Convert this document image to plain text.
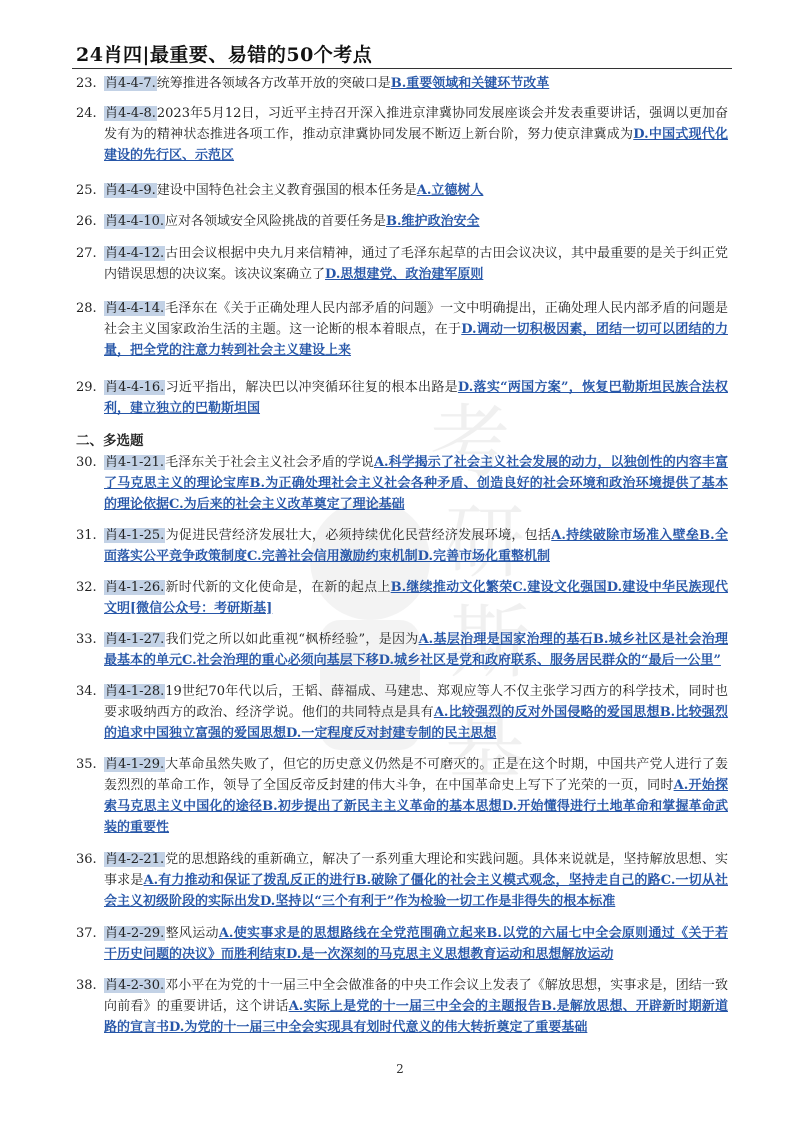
24肖四|最重要、易错的50个考点
考
研
斯
基
23. 肖4-4-7.统筹推进各领域各方改革开放的突破口是B.重要领域和关键环节改革
24. 肖4-4-8.2023年5月12日，习近平主持召开深入推进京津冀协同发展座谈会并发表重要讲话，强调以更加奋发有为的精神状态推进各项工作，推动京津冀协同发展不断迈上新台阶，努力使京津冀成为D.中国式现代化建设的先行区、示范区
25. 肖4-4-9.建设中国特色社会主义教育强国的根本任务是A.立德树人
26. 肖4-4-10.应对各领域安全风险挑战的首要任务是B.维护政治安全
27. 肖4-4-12.古田会议根据中央九月来信精神，通过了毛泽东起草的古田会议决议，其中最重要的是关于纠正党内错误思想的决议案。该决议案确立了D.思想建党、政治建军原则
28. 肖4-4-14.毛泽东在《关于正确处理人民内部矛盾的问题》一文中明确提出，正确处理人民内部矛盾的问题是社会主义国家政治生活的主题。这一论断的根本着眼点，在于D.调动一切积极因素，团结一切可以团结的力量，把全党的注意力转到社会主义建设上来
29. 肖4-4-16.习近平指出，解决巴以冲突循环往复的根本出路是D.落实“两国方案”，恢复巴勒斯坦民族合法权利，建立独立的巴勒斯坦国
二、多选题
30. 肖4-1-21.毛泽东关于社会主义社会矛盾的学说A.科学揭示了社会主义社会发展的动力，以独创性的内容丰富了马克思主义的理论宝库B.为正确处理社会主义社会各种矛盾、创造良好的社会环境和政治环境提供了基本的理论依据C.为后来的社会主义改革奠定了理论基础
31. 肖4-1-25.为促进民营经济发展壮大，必须持续优化民营经济发展环境，包括A.持续破除市场准入壁垒B.全面落实公平竞争政策制度C.完善社会信用激励约束机制D.完善市场化重整机制
32. 肖4-1-26.新时代新的文化使命是，在新的起点上B.继续推动文化繁荣C.建设文化强国D.建设中华民族现代文明[微信公众号：考研斯基]
33. 肖4-1-27.我们党之所以如此重视“枫桥经验”，是因为A.基层治理是国家治理的基石B.城乡社区是社会治理最基本的单元C.社会治理的重心必须向基层下移D.城乡社区是党和政府联系、服务居民群众的“最后一公里”
34. 肖4-1-28.19世纪70年代以后，王韬、薛福成、马建忠、郑观应等人不仅主张学习西方的科学技术，同时也要求吸纳西方的政治、经济学说。他们的共同特点是具有A.比较强烈的反对外国侵略的爱国思想B.比较强烈的追求中国独立富强的爱国思想D.一定程度反对封建专制的民主思想
35. 肖4-1-29.大革命虽然失败了，但它的历史意义仍然是不可磨灭的。正是在这个时期，中国共产党人进行了轰轰烈烈的革命工作，领导了全国反帝反封建的伟大斗争，在中国革命史上写下了光荣的一页，同时A.开始探索马克思主义中国化的途径B.初步提出了新民主主义革命的基本思想D.开始懂得进行土地革命和掌握革命武装的重要性
36. 肖4-2-21.党的思想路线的重新确立，解决了一系列重大理论和实践问题。具体来说就是，坚持解放思想、实事求是A.有力推动和保证了拨乱反正的进行B.破除了僵化的社会主义模式观念，坚持走自己的路C.一切从社会主义初级阶段的实际出发D.坚持以“三个有利于”作为检验一切工作是非得失的根本标准
37. 肖4-2-29.整风运动A.使实事求是的思想路线在全党范围确立起来B.以党的六届七中全会原则通过《关于若干历史问题的决议》而胜利结束D.是一次深刻的马克思主义思想教育运动和思想解放运动
38. 肖4-2-30.邓小平在为党的十一届三中全会做准备的中央工作会议上发表了《解放思想，实事求是，团结一致向前看》的重要讲话，这个讲话A.实际上是党的十一届三中全会的主题报告B.是解放思想、开辟新时期新道路的宣言书D.为党的十一届三中全会实现具有划时代意义的伟大转折奠定了重要基础
2
